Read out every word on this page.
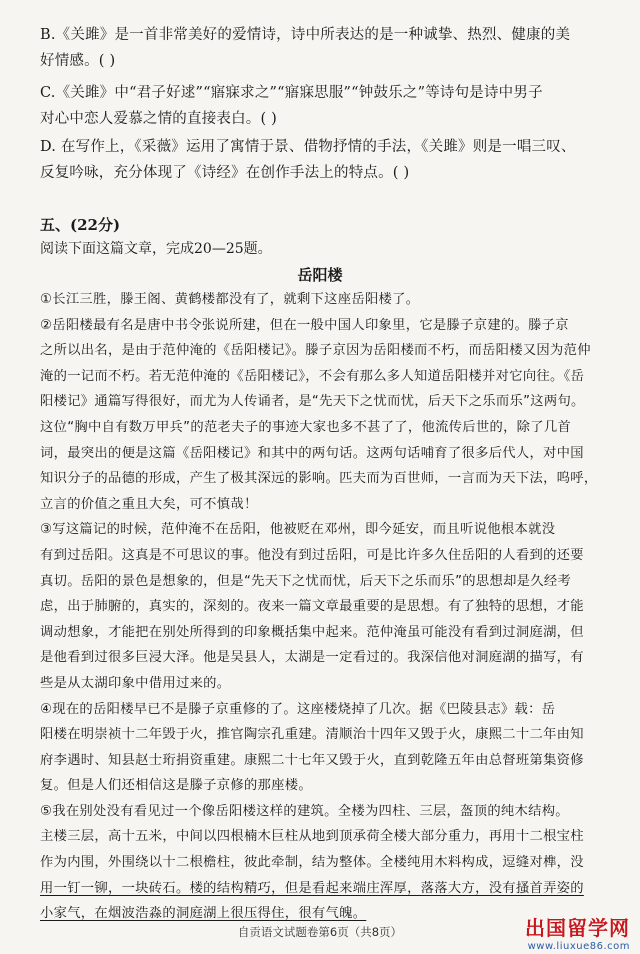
B.《关雎》是一首非常美好的爱情诗，诗中所表达的是一种诚挚、热烈、健康的美
好情感。( )
C.《关雎》中“君子好逑”“寤寐求之”“寤寐思服”“钟鼓乐之”等诗句是诗中男子
对心中恋人爱慕之情的直接表白。( )
D. 在写作上，《采薇》运用了寓情于景、借物抒情的手法，《关雎》则是一唱三叹、
反复吟咏，充分体现了《诗经》在创作手法上的特点。( )
五、(22分)
阅读下面这篇文章，完成20—25题。
岳阳楼
①长江三胜，滕王阁、黄鹤楼都没有了，就剩下这座岳阳楼了。
②岳阳楼最有名是唐中书令张说所建，但在一般中国人印象里，它是滕子京建的。滕子京
之所以出名，是由于范仲淹的《岳阳楼记》。滕子京因为岳阳楼而不朽，而岳阳楼又因为范仲
淹的一记而不朽。若无范仲淹的《岳阳楼记》，不会有那么多人知道岳阳楼并对它向往。《岳
阳楼记》通篇写得很好，而尤为人传诵者，是“先天下之忧而忧，后天下之乐而乐”这两句。
这位“胸中自有数万甲兵”的范老夫子的事迹大家也多不甚了了，他流传后世的，除了几首
词，最突出的便是这篇《岳阳楼记》和其中的两句话。这两句话哺育了很多后代人，对中国
知识分子的品德的形成，产生了极其深远的影响。匹夫而为百世师，一言而为天下法，呜呼，
立言的价值之重且大矣，可不慎哉！
③写这篇记的时候，范仲淹不在岳阳，他被贬在邓州，即今延安，而且听说他根本就没
有到过岳阳。这真是不可思议的事。他没有到过岳阳，可是比许多久住岳阳的人看到的还要
真切。岳阳的景色是想象的，但是“先天下之忧而忧，后天下之乐而乐”的思想却是久经考
虑，出于肺腑的，真实的，深刻的。夜来一篇文章最重要的是思想。有了独特的思想，才能
调动想象，才能把在别处所得到的印象概括集中起来。范仲淹虽可能没有看到过洞庭湖，但
是他看到过很多巨浸大泽。他是吴县人，太湖是一定看过的。我深信他对洞庭湖的描写，有
些是从太湖印象中借用过来的。
④现在的岳阳楼早已不是滕子京重修的了。这座楼烧掉了几次。据《巴陵县志》载：岳
阳楼在明崇祯十二年毁于火，推官陶宗孔重建。清顺治十四年又毁于火，康熙二十二年由知
府李遇时、知县赵士珩捐资重建。康熙二十七年又毁于火，直到乾隆五年由总督班第集资修
复。但是人们还相信这是滕子京修的那座楼。
⑤我在别处没有看见过一个像岳阳楼这样的建筑。全楼为四柱、三层，盔顶的纯木结构。
主楼三层，高十五米，中间以四根楠木巨柱从地到顶承荷全楼大部分重力，再用十二根宝柱
作为内围，外围绕以十二根檐柱，彼此牵制，结为整体。全楼纯用木料构成，逗缝对榫，没
用一钉一铆，一块砖石。楼的结构精巧，但是看起来端庄浑厚，落落大方，没有搔首弄姿的
小家气，在烟波浩淼的洞庭湖上很压得住，很有气魄。
自贡语文试题卷第6页（共8页）	出国留学网
www.liuxue86.com
